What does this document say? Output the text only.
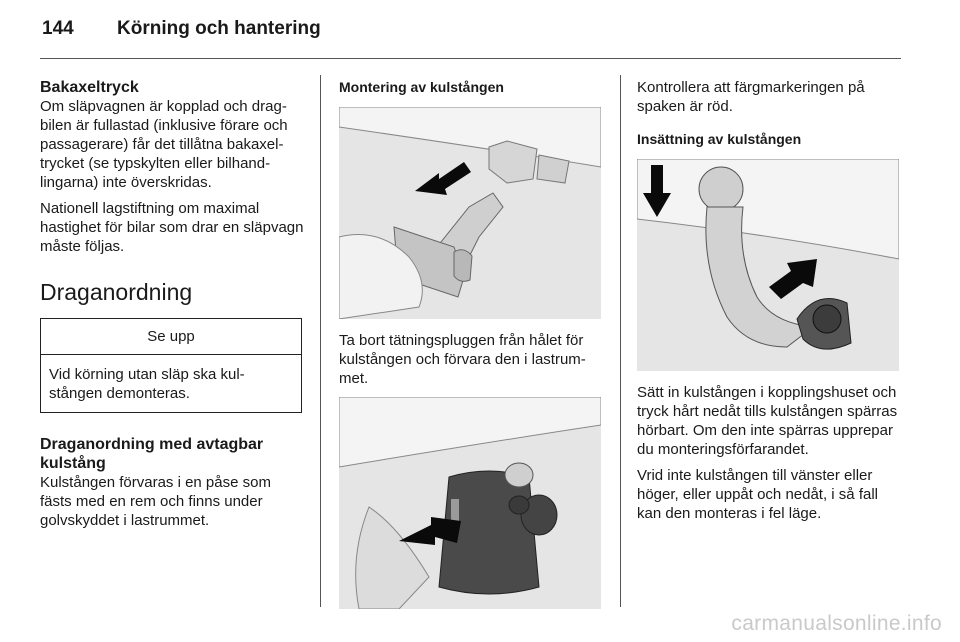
144 Körning och hantering
Bakaxeltryck

Om släpvagnen är kopplad och dragbilen är fullastad (inklusive förare och passagerare) får det tillåtna bakaxeltrycket (se typskylten eller bilhandlingarna) inte överskridas.

Nationell lagstiftning om maximal hastighet för bilar som drar en släpvagn måste följas.

Draganordning
Se upp
Vid körning utan släp ska kulstången demonteras.
Draganordning med avtagbar kulstång

Kulstången förvaras i en påse som fästs med en rem och finns under golvskyddet i lastrummet.

Montering av kulstången

Ta bort tätningspluggen från hålet för kulstången och förvara den i lastrummet.

Kontrollera att färgmarkeringen på spaken är röd.

Insättning av kulstången

Sätt in kulstången i kopplingshuset och tryck hårt nedåt tills kulstången spärras hörbart. Om den inte spärras upprepar du monteringsförfarandet.

Vrid inte kulstången till vänster eller höger, eller uppåt och nedåt, i så fall kan den monteras i fel läge.

carmanualsonline.info
